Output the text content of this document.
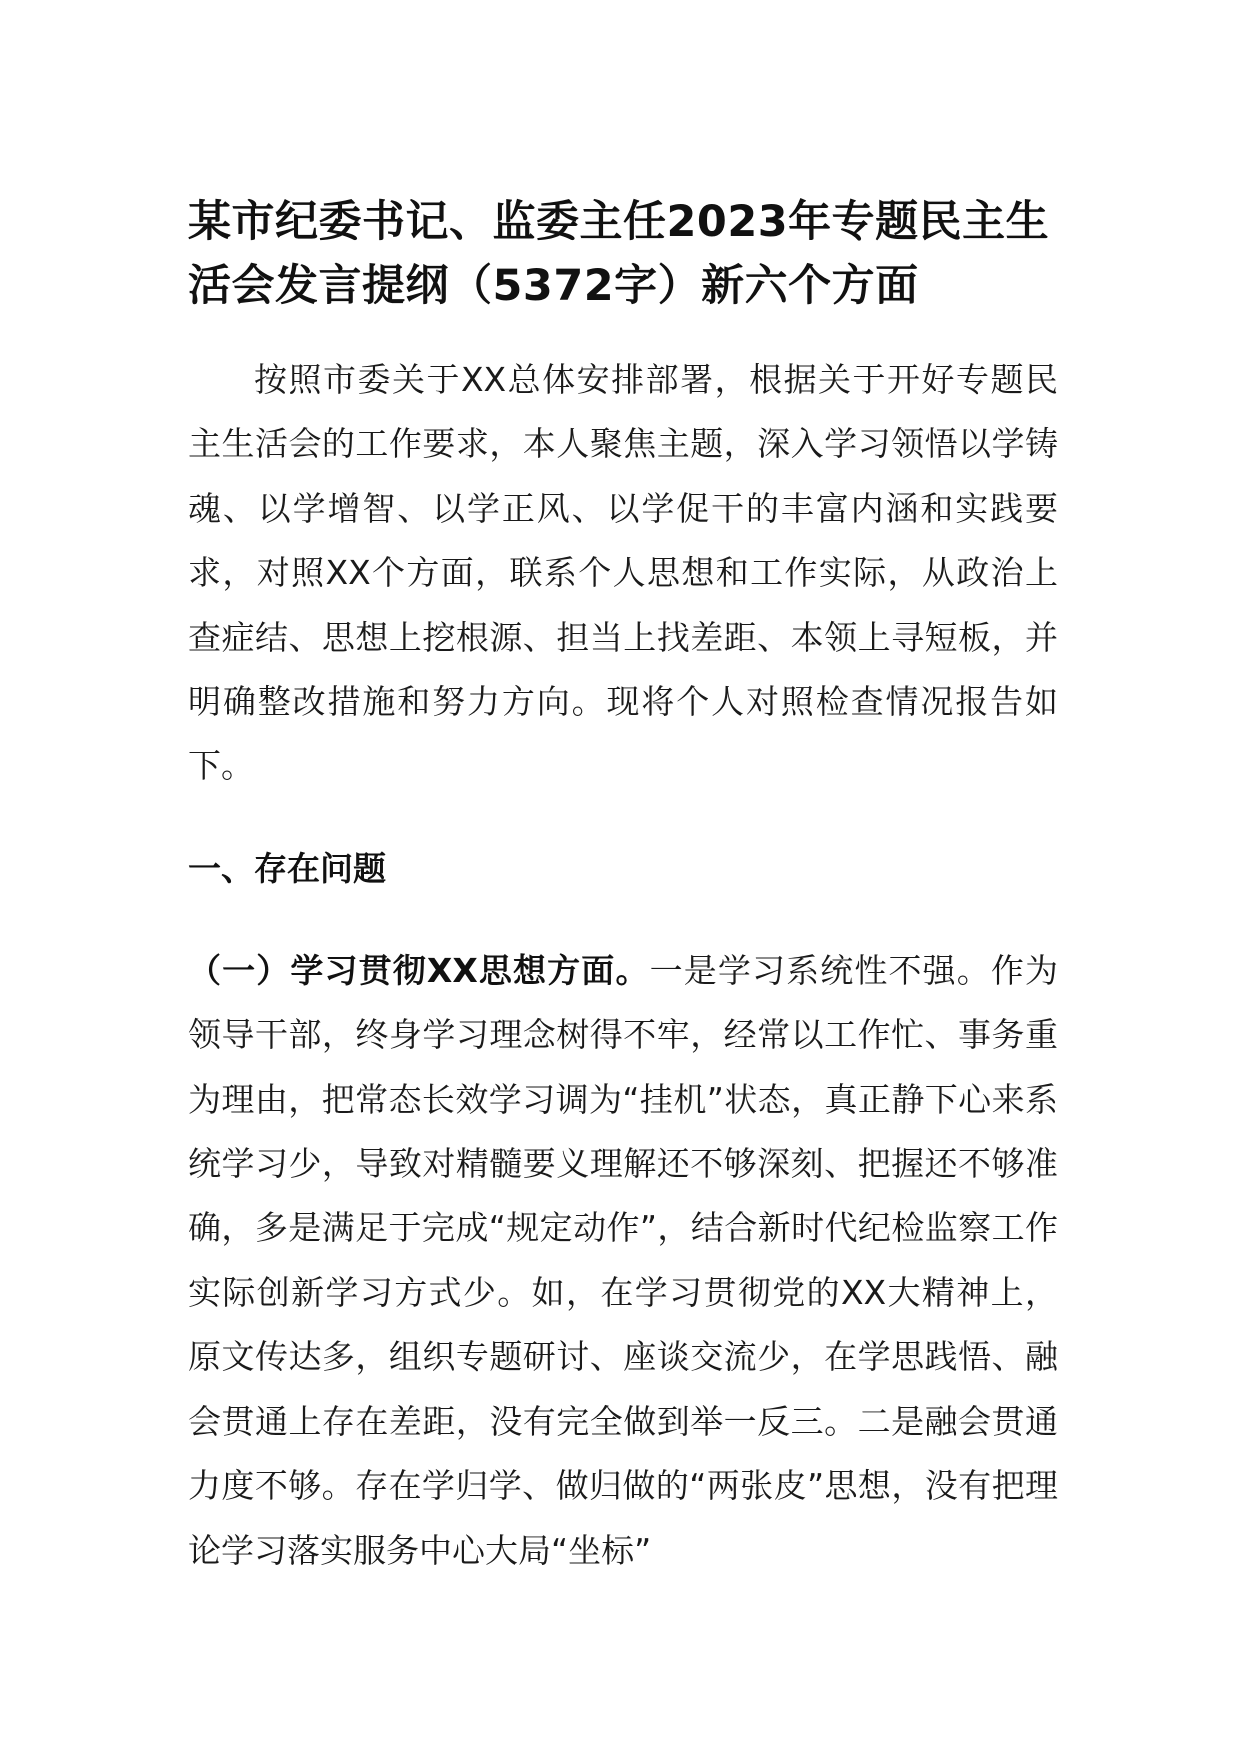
某市纪委书记、监委主任2023年专题民主生活会发言提纲（5372字）新六个方面

按照市委关于XX总体安排部署，根据关于开好专题民主生活会的工作要求，本人聚焦主题，深入学习领悟以学铸魂、以学增智、以学正风、以学促干的丰富内涵和实践要求，对照XX个方面，联系个人思想和工作实际，从政治上查症结、思想上挖根源、担当上找差距、本领上寻短板，并明确整改措施和努力方向。现将个人对照检查情况报告如下。

一、存在问题

（一）学习贯彻XX思想方面。一是学习系统性不强。作为领导干部，终身学习理念树得不牢，经常以工作忙、事务重为理由，把常态长效学习调为“挂机”状态，真正静下心来系统学习少，导致对精髓要义理解还不够深刻、把握还不够准确，多是满足于完成“规定动作”，结合新时代纪检监察工作实际创新学习方式少。如，在学习贯彻党的XX大精神上，原文传达多，组织专题研讨、座谈交流少，在学思践悟、融会贯通上存在差距，没有完全做到举一反三。二是融会贯通力度不够。存在学归学、做归做的“两张皮”思想，没有把理论学习落实服务中心大局“坐标”
